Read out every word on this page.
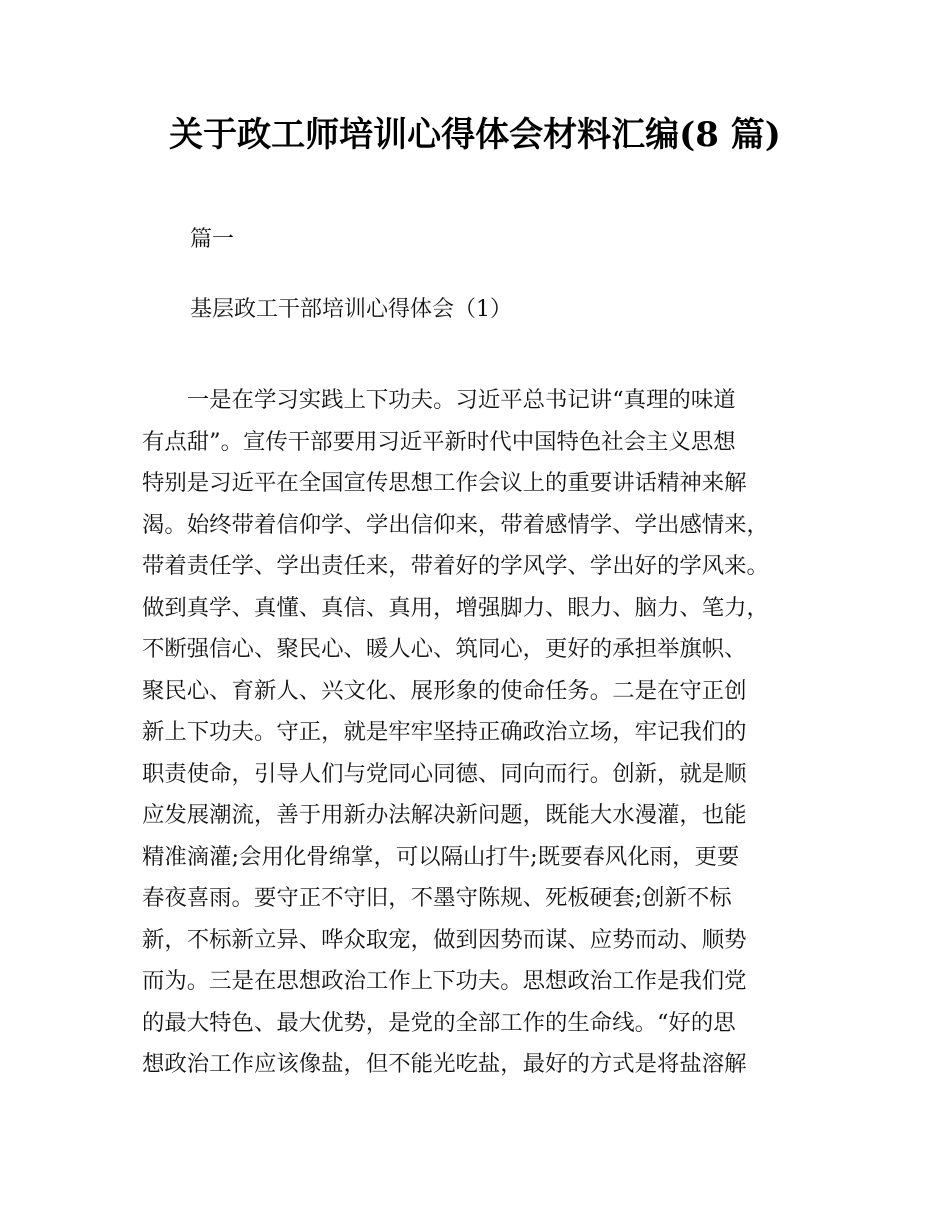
关于政工师培训心得体会材料汇编(8 篇)
篇一
基层政工干部培训心得体会（1）
　　一是在学习实践上下功夫。习近平总书记讲“真理的味道
有点甜”。宣传干部要用习近平新时代中国特色社会主义思想
特别是习近平在全国宣传思想工作会议上的重要讲话精神来解
渴。始终带着信仰学、学出信仰来，带着感情学、学出感情来，
带着责任学、学出责任来，带着好的学风学、学出好的学风来。
做到真学、真懂、真信、真用，增强脚力、眼力、脑力、笔力，
不断强信心、聚民心、暖人心、筑同心，更好的承担举旗帜、
聚民心、育新人、兴文化、展形象的使命任务。二是在守正创
新上下功夫。守正，就是牢牢坚持正确政治立场，牢记我们的
职责使命，引导人们与党同心同德、同向而行。创新，就是顺
应发展潮流，善于用新办法解决新问题，既能大水漫灌，也能
精准滴灌;会用化骨绵掌，可以隔山打牛;既要春风化雨，更要
春夜喜雨。要守正不守旧，不墨守陈规、死板硬套;创新不标
新，不标新立异、哗众取宠，做到因势而谋、应势而动、顺势
而为。三是在思想政治工作上下功夫。思想政治工作是我们党
的最大特色、最大优势，是党的全部工作的生命线。“好的思
想政治工作应该像盐，但不能光吃盐，最好的方式是将盐溶解
